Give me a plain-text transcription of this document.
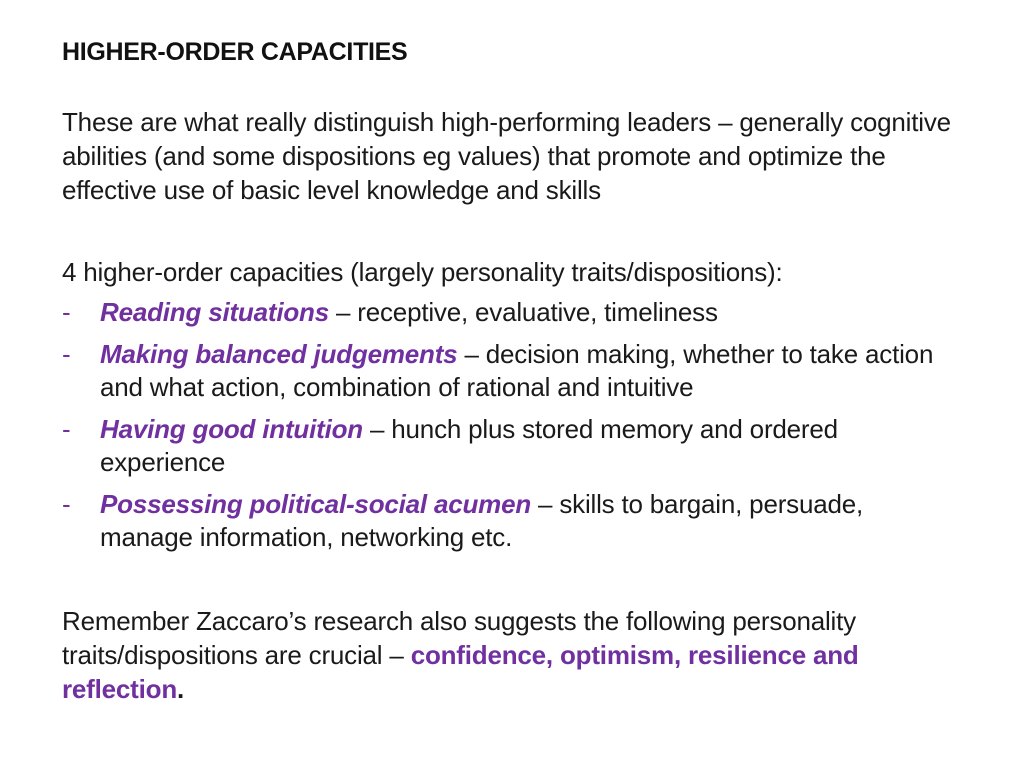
HIGHER-ORDER CAPACITIES
These are what really distinguish high-performing leaders – generally cognitive abilities (and some dispositions eg values) that promote and optimize the effective use of basic level knowledge and skills
4 higher-order capacities (largely personality traits/dispositions):
- Reading situations – receptive, evaluative, timeliness
- Making balanced judgements – decision making, whether to take action and what action, combination of rational and intuitive
- Having good intuition – hunch plus stored memory and ordered experience
- Possessing political-social acumen – skills to bargain, persuade, manage information, networking etc.
Remember Zaccaro’s research also suggests the following personality traits/dispositions are crucial – confidence, optimism, resilience and reflection.
